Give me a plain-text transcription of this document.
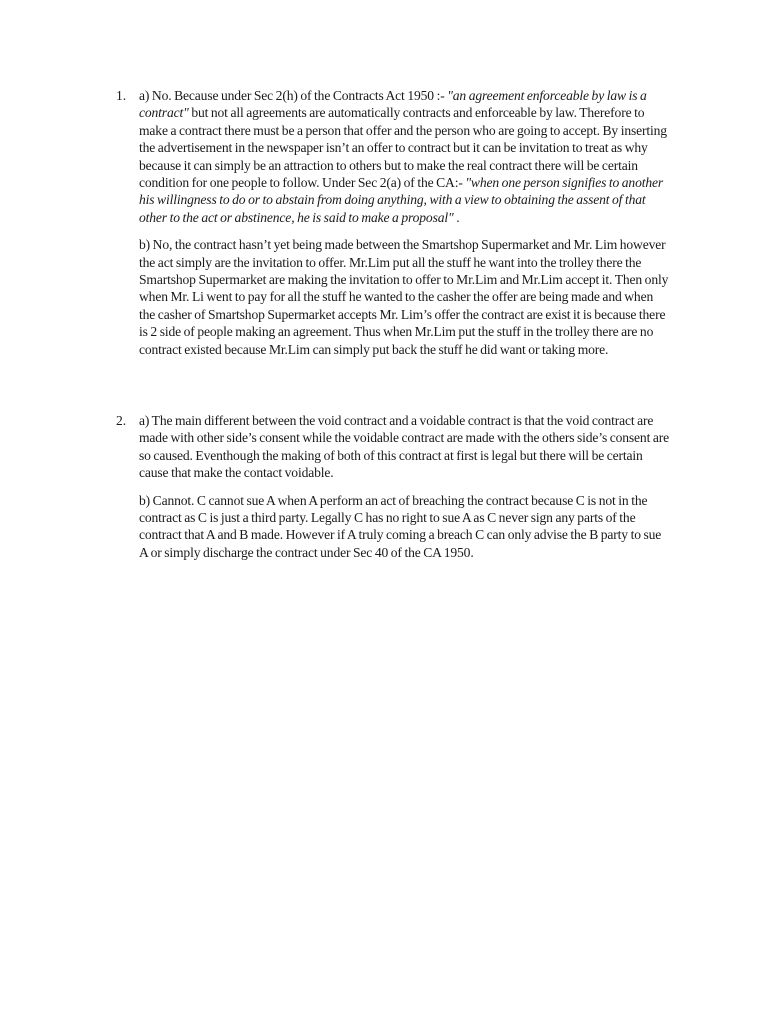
1. a) No. Because under Sec 2(h) of the Contracts Act 1950 :- "an agreement enforceable by law is a contract" but not all agreements are automatically contracts and enforceable by law. Therefore to make a contract there must be a person that offer and the person who are going to accept. By inserting the advertisement in the newspaper isn’t an offer to contract but it can be invitation to treat as why because it can simply be an attraction to others but to make the real contract there will be certain condition for one people to follow. Under Sec 2(a) of the CA:- "when one person signifies to another his willingness to do or to abstain from doing anything, with a view to obtaining the assent of that other to the act or abstinence, he is said to make a proposal" .

b) No, the contract hasn’t yet being made between the Smartshop Supermarket and Mr. Lim however the act simply are the invitation to offer. Mr.Lim put all the stuff he want into the trolley there the Smartshop Supermarket are making the invitation to offer to Mr.Lim and Mr.Lim accept it. Then only when Mr. Li went to pay for all the stuff he wanted to the casher the offer are being made and when the casher of Smartshop Supermarket accepts Mr. Lim’s offer the contract are exist it is because there is 2 side of people making an agreement. Thus when Mr.Lim put the stuff in the trolley there are no contract existed because Mr.Lim can simply put back the stuff he did want or taking more.

2. a) The main different between the void contract and a voidable contract is that the void contract are made with other side’s consent while the voidable contract are made with the others side’s consent are so caused. Eventhough the making of both of this contract at first is legal but there will be certain cause that make the contact voidable.

b) Cannot. C cannot sue A when A perform an act of breaching the contract because C is not in the contract as C is just a third party. Legally C has no right to sue A as C never sign any parts of the contract that A and B made. However if A truly coming a breach C can only advise the B party to sue A or simply discharge the contract under Sec 40 of the CA 1950.
